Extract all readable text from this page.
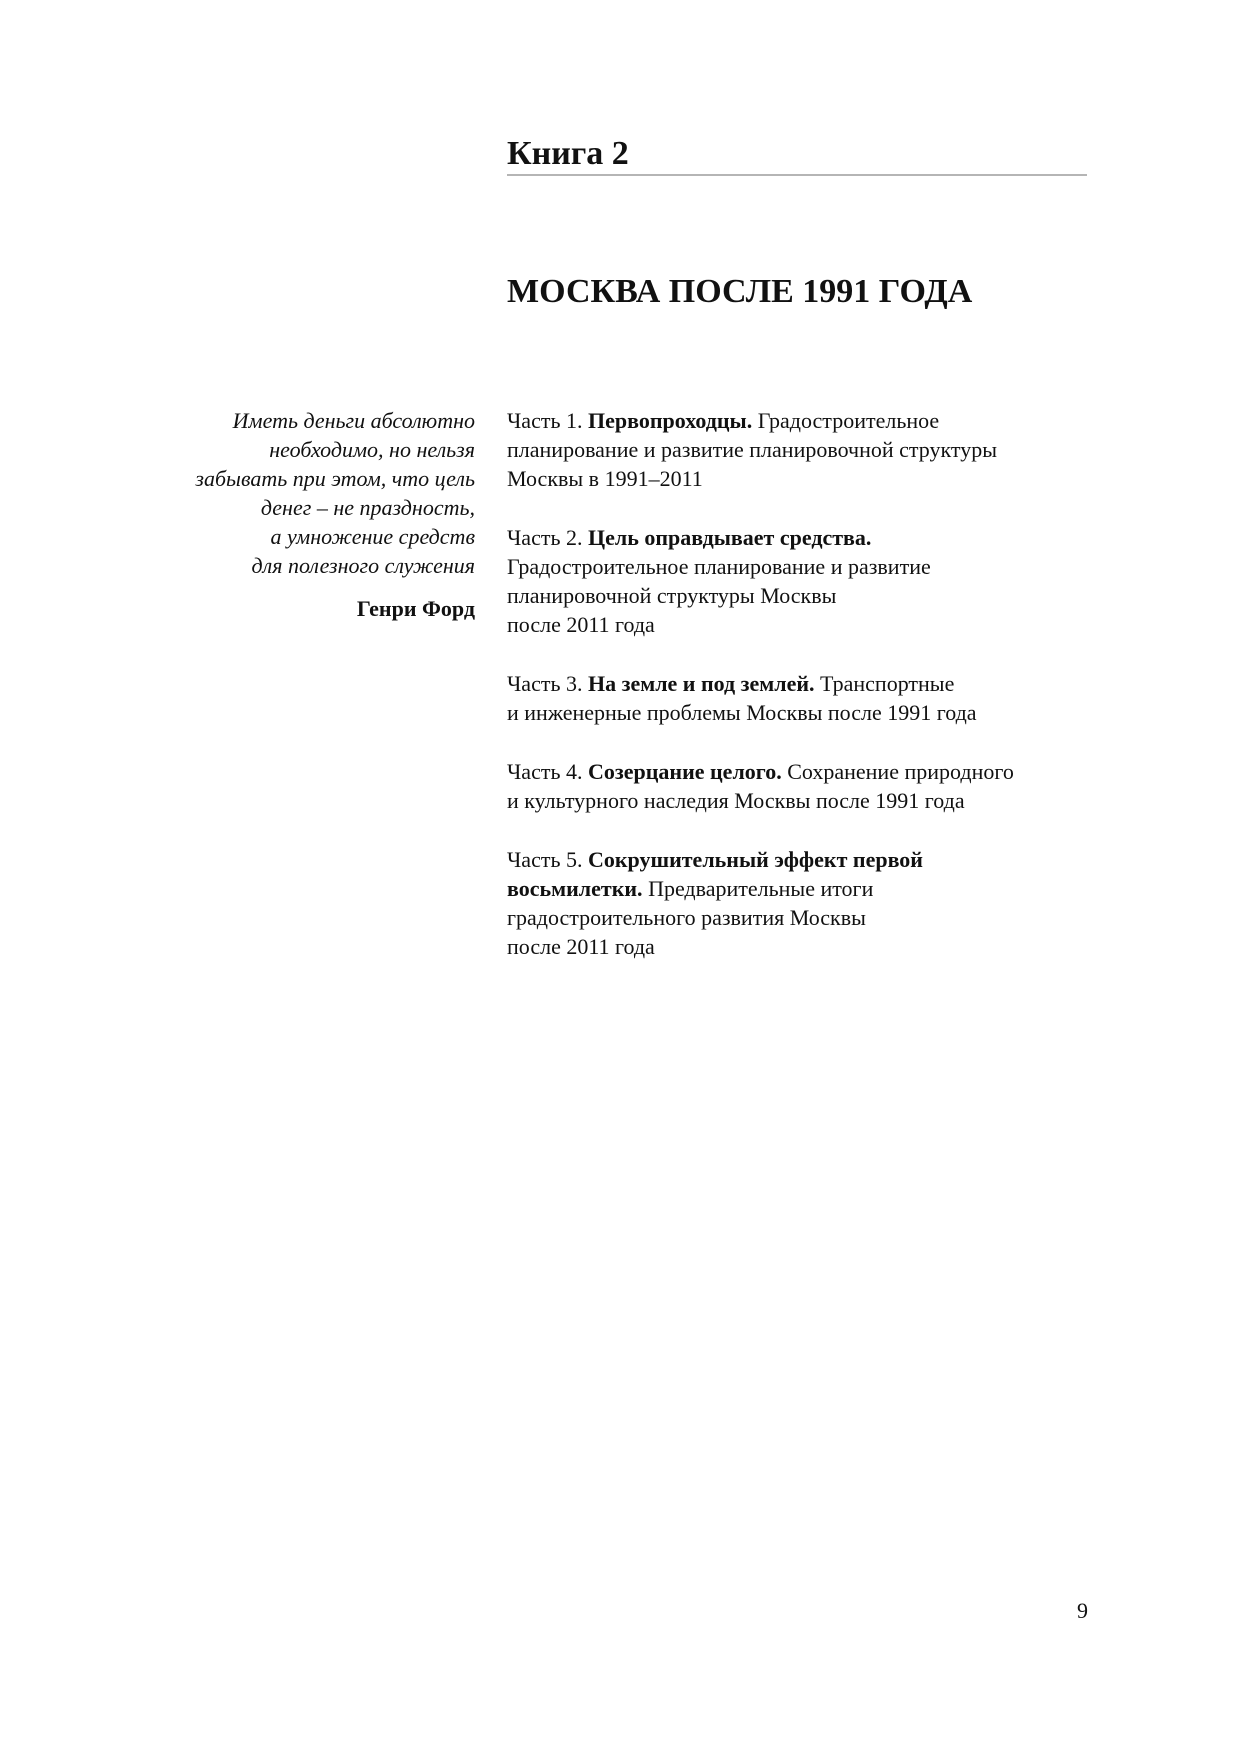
Книга 2
МОСКВА ПОСЛЕ 1991 ГОДА
Иметь деньги абсолютно
необходимо, но нельзя
забывать при этом, что цель
денег – не праздность,
а умножение средств
для полезного служения
Генри Форд
Часть 1. Первопроходцы. Градостроительное
планирование и развитие планировочной структуры
Москвы в 1991–2011
Часть 2. Цель оправдывает средства.
Градостроительное планирование и развитие
планировочной структуры Москвы
после 2011 года
Часть 3. На земле и под землей. Транспортные
и инженерные проблемы Москвы после 1991 года
Часть 4. Созерцание целого. Сохранение природного
и культурного наследия Москвы после 1991 года
Часть 5. Сокрушительный эффект первой
восьмилетки. Предварительные итоги
градостроительного развития Москвы
после 2011 года
9
